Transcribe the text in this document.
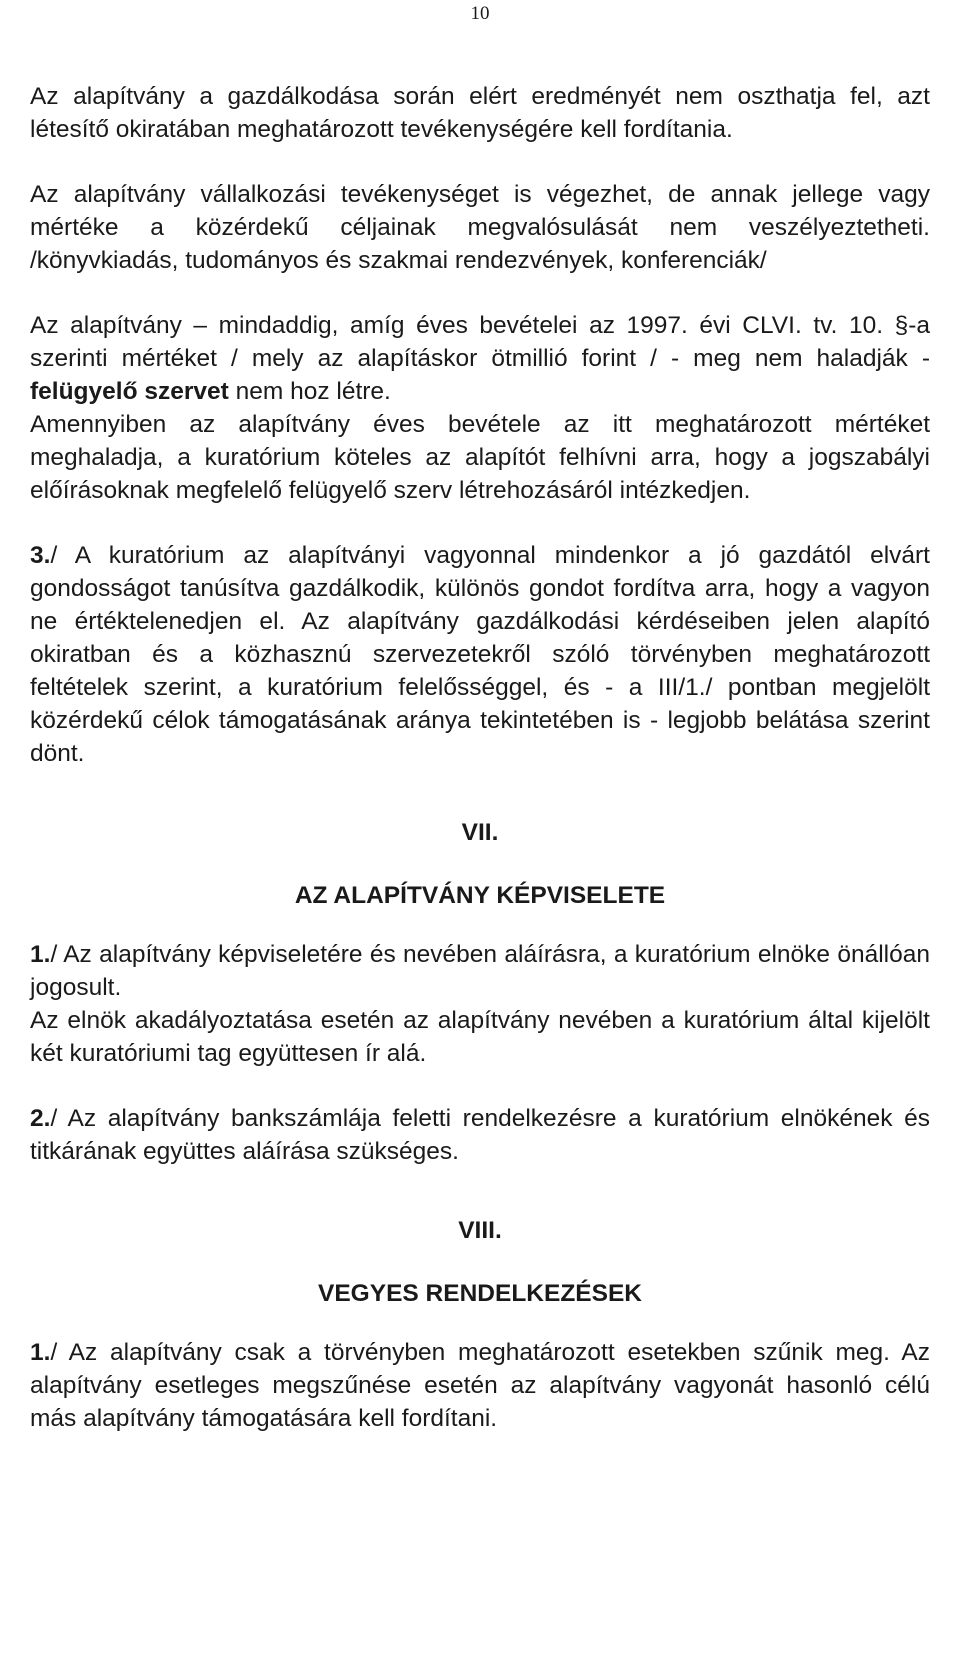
10

Az alapítvány a gazdálkodása során elért eredményét nem oszthatja fel, azt létesítő okiratában meghatározott tevékenységére kell fordítania.

Az alapítvány vállalkozási tevékenységet is végezhet, de annak jellege vagy mértéke a közérdekű céljainak megvalósulását nem veszélyeztetheti. /könyvkiadás, tudományos és szakmai rendezvények, konferenciák/

Az alapítvány – mindaddig, amíg éves bevételei az 1997. évi CLVI. tv. 10. §-a szerinti mértéket / mely az alapításkor ötmillió forint / - meg nem haladják - felügyelő szervet nem hoz létre.

Amennyiben az alapítvány éves bevétele az itt meghatározott mértéket meghaladja, a kuratórium köteles az alapítót felhívni arra, hogy a jogszabályi előírásoknak megfelelő felügyelő szerv létrehozásáról intézkedjen.

3./ A kuratórium az alapítványi vagyonnal mindenkor a jó gazdától elvárt gondosságot tanúsítva gazdálkodik, különös gondot fordítva arra, hogy a vagyon ne értéktelenedjen el. Az alapítvány gazdálkodási kérdéseiben jelen alapító okiratban és a közhasznú szervezetekről szóló törvényben meghatározott feltételek szerint, a kuratórium felelősséggel, és - a III/1./ pontban megjelölt közérdekű célok támogatásának aránya tekintetében is - legjobb belátása szerint dönt.

VII.

AZ ALAPÍTVÁNY KÉPVISELETE

1./ Az alapítvány képviseletére és nevében aláírásra, a kuratórium elnöke önállóan jogosult.

Az elnök akadályoztatása esetén az alapítvány nevében a kuratórium által kijelölt két kuratóriumi tag együttesen ír alá.

2./ Az alapítvány bankszámlája feletti rendelkezésre a kuratórium elnökének és titkárának együttes aláírása szükséges.

VIII.

VEGYES RENDELKEZÉSEK

1./ Az alapítvány csak a törvényben meghatározott esetekben szűnik meg. Az alapítvány esetleges megszűnése esetén az alapítvány vagyonát hasonló célú más alapítvány támogatására kell fordítani.
